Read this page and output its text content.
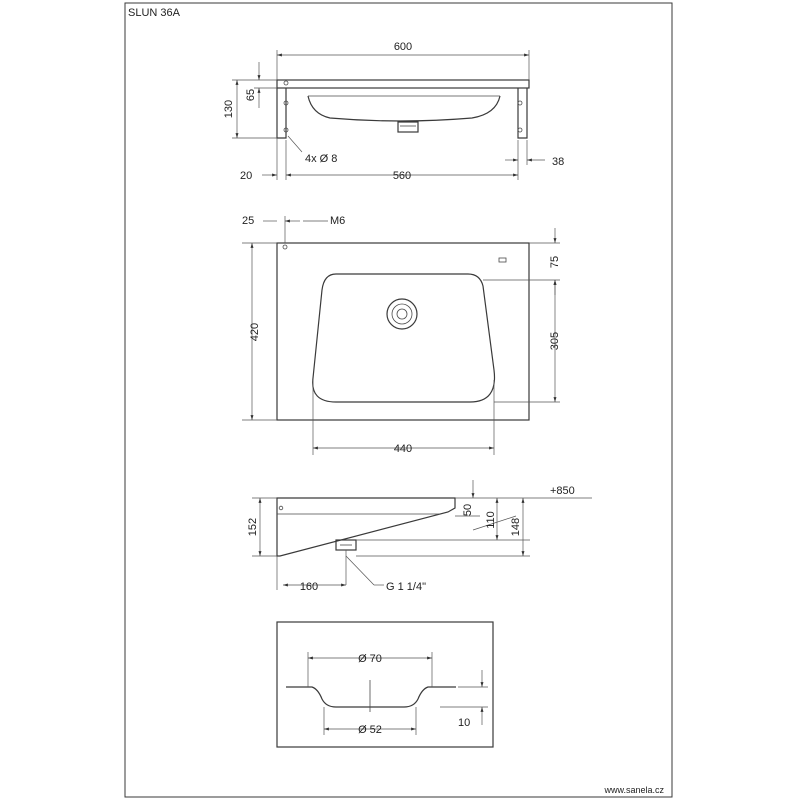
SLUN 36A
www.sanela.cz
600
130
65
4x Ø 8
20	560
38
25	M6
420
75
305
440
152
50
110 148
+850
160	G 1 1/4"
Ø 70
Ø 52
10
